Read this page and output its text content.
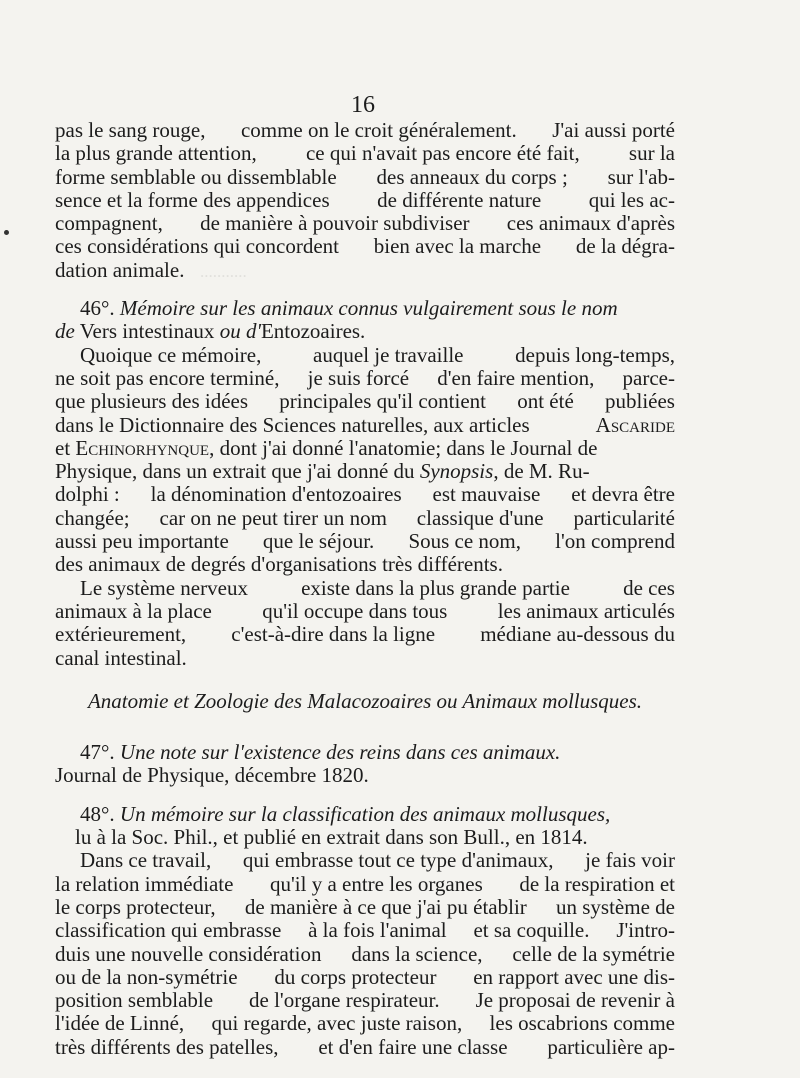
...........
16
pas le sang rouge, comme on le croit généralement. J'ai aussi porté
la plus grande attention, ce qui n'avait pas encore été fait, sur la
forme semblable ou dissemblable des anneaux du corps ; sur l'ab-
sence et la forme des appendices de différente nature qui les ac-
compagnent, de manière à pouvoir subdiviser ces animaux d'après
ces considérations qui concordent bien avec la marche de la dégra-
dation animale.
46°. Mémoire sur les animaux connus vulgairement sous le nom
de Vers intestinaux ou d' Entozoaires.
Quoique ce mémoire, auquel je travaille depuis long-temps,
ne soit pas encore terminé, je suis forcé d'en faire mention, parce-
que plusieurs des idées principales qu'il contient ont été publiées
dans le Dictionnaire des Sciences naturelles, aux articles	Ascaride
et Echinorhynque, dont j'ai donné l'anatomie; dans le Journal de
Physique, dans un extrait que j'ai donné du Synopsis, de M. Ru-
dolphi : la dénomination d'entozoaires est mauvaise et devra être
changée; car on ne peut tirer un nom classique d'une particularité
aussi peu importante que le séjour. Sous ce nom, l'on comprend
des animaux de degrés d'organisations très différents.
Le système nerveux	existe dans la plus grande partie	de ces
animaux à la place qu'il occupe dans tous les animaux articulés
extérieurement, c'est-à-dire dans la ligne médiane au-dessous du
canal intestinal.
Anatomie et Zoologie des Malacozoaires ou Animaux mollusques.
47°. Une note sur l'existence des reins dans ces animaux.
Journal de Physique, décembre 1820.
48°. Un mémoire sur la classification des animaux mollusques,
lu à la Soc. Phil., et publié en extrait dans son Bull., en 1814.
Dans ce travail, qui embrasse tout ce type d'animaux, je fais voir
la relation immédiate qu'il y a entre les organes de la respiration et
le corps protecteur, de manière à ce que j'ai pu établir un système de
classification qui embrasse à la fois l'animal et sa coquille. J'intro-
duis une nouvelle considération dans la science, celle de la symétrie
ou de la non-symétrie du corps protecteur en rapport avec une dis-
position semblable de l'organe respirateur. Je proposai de revenir à
l'idée de Linné, qui regarde, avec juste raison, les oscabrions comme
très différents des patelles, et d'en faire une classe particulière ap-
